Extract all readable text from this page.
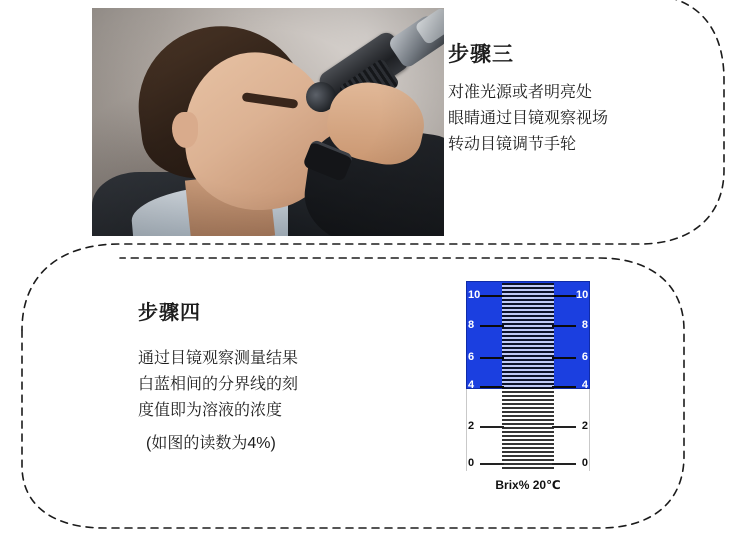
步骤三
对准光源或者明亮处
眼睛通过目镜观察视场
转动目镜调节手轮
步骤四
通过目镜观察测量结果
白蓝相间的分界线的刻
度值即为溶液的浓度
(如图的读数为4%)
10	10
8	8
6	6
4	4
2	2
0	0
Brix% 20℃
